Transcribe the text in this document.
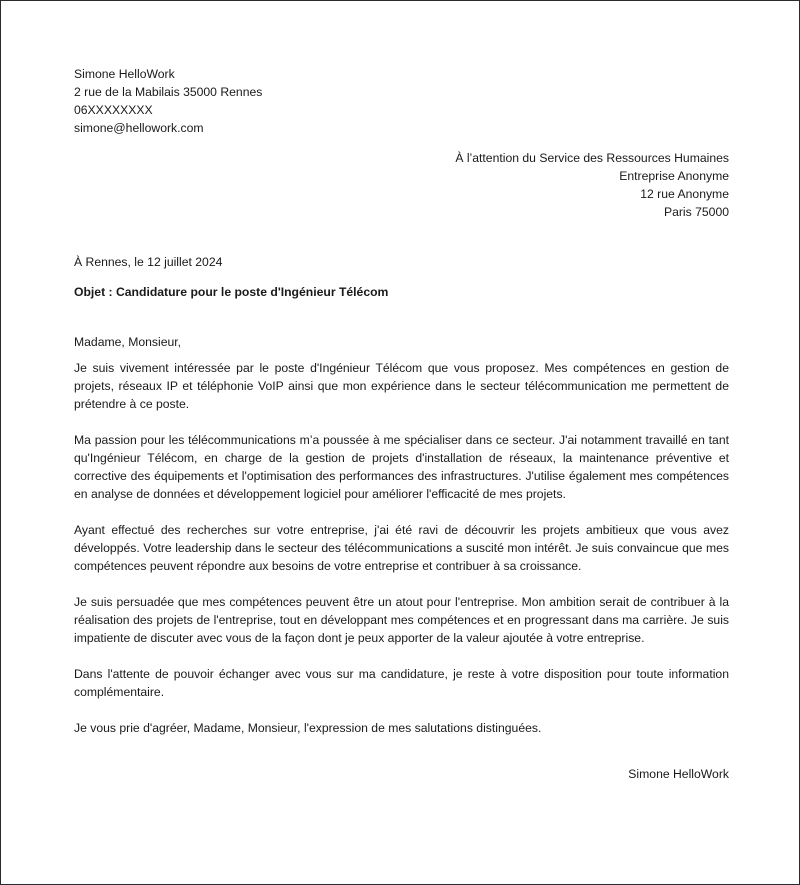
Simone HelloWork
2 rue de la Mabilais 35000 Rennes
06XXXXXXXX
simone@hellowork.com
À l’attention du Service des Ressources Humaines
Entreprise Anonyme
12 rue Anonyme
Paris 75000
À Rennes, le 12 juillet 2024
Objet : Candidature pour le poste d'Ingénieur Télécom
Madame, Monsieur,

Je suis vivement intéressée par le poste d'Ingénieur Télécom que vous proposez. Mes compétences en gestion de projets, réseaux IP et téléphonie VoIP ainsi que mon expérience dans le secteur télécommunication me permettent de prétendre à ce poste.

Ma passion pour les télécommunications m’a poussée à me spécialiser dans ce secteur. J'ai notamment travaillé en tant qu'Ingénieur Télécom, en charge de la gestion de projets d'installation de réseaux, la maintenance préventive et corrective des équipements et l'optimisation des performances des infrastructures. J'utilise également mes compétences en analyse de données et développement logiciel pour améliorer l'efficacité de mes projets.

Ayant effectué des recherches sur votre entreprise, j'ai été ravi de découvrir les projets ambitieux que vous avez développés. Votre leadership dans le secteur des télécommunications a suscité mon intérêt. Je suis convaincue que mes compétences peuvent répondre aux besoins de votre entreprise et contribuer à sa croissance.

Je suis persuadée que mes compétences peuvent être un atout pour l'entreprise. Mon ambition serait de contribuer à la réalisation des projets de l'entreprise, tout en développant mes compétences et en progressant dans ma carrière. Je suis impatiente de discuter avec vous de la façon dont je peux apporter de la valeur ajoutée à votre entreprise.

Dans l'attente de pouvoir échanger avec vous sur ma candidature, je reste à votre disposition pour toute information complémentaire.

Je vous prie d'agréer, Madame, Monsieur, l'expression de mes salutations distinguées.
Simone HelloWork
